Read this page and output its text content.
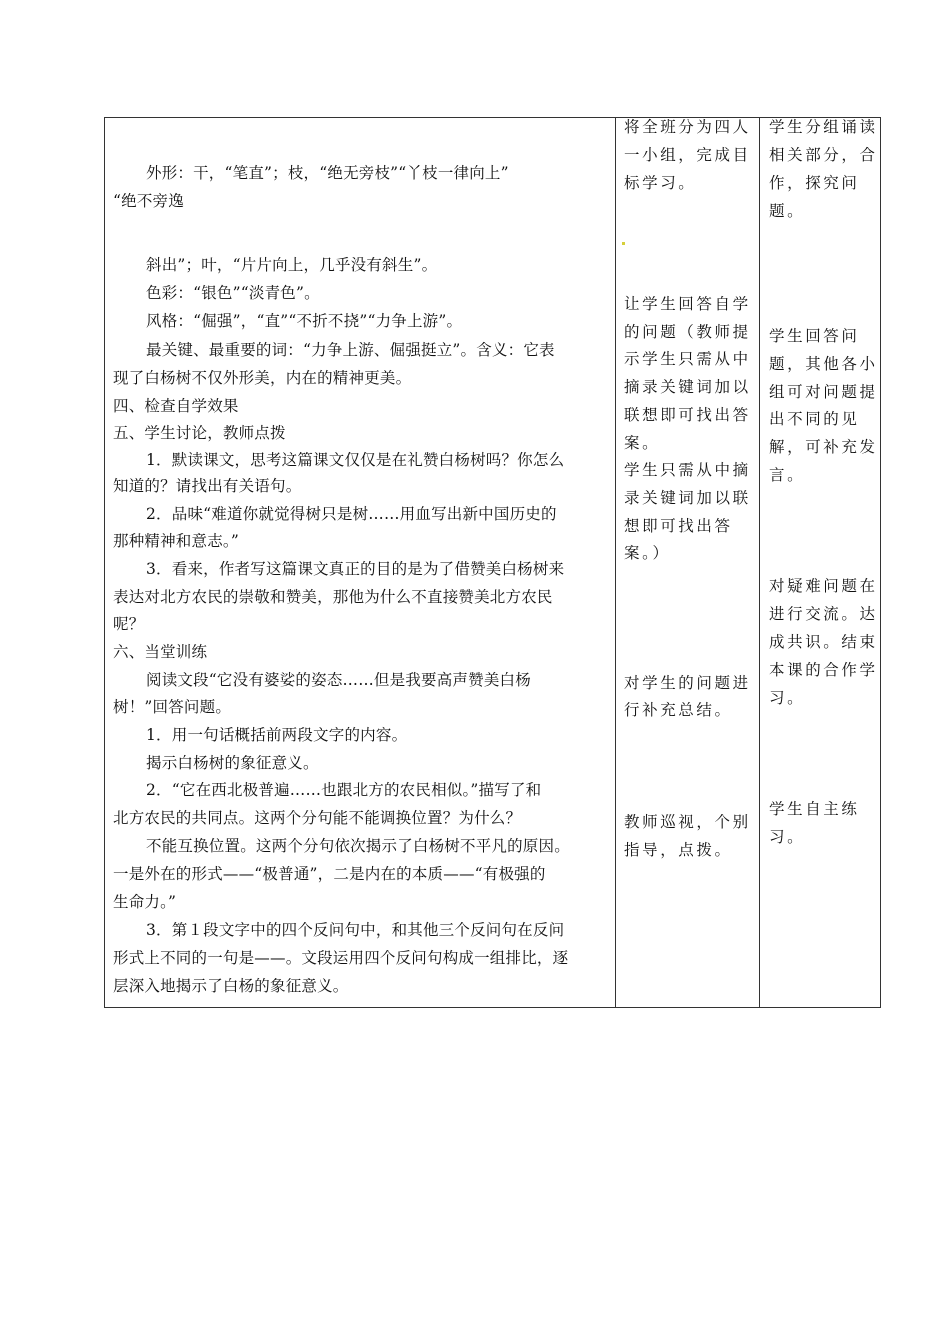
外形：干，“笔直”；枝，“绝无旁枝”“丫枝一律向上”
“绝不旁逸
斜出”；叶，“片片向上，几乎没有斜生”。
色彩：“银色”“淡青色”。
风格：“倔强”，“直”“不折不挠”“力争上游”。
最关键、最重要的词：“力争上游、倔强挺立”。含义：它表
现了白杨树不仅外形美，内在的精神更美。
四、检查自学效果
五、学生讨论，教师点拨
1．默读课文，思考这篇课文仅仅是在礼赞白杨树吗？你怎么
知道的？请找出有关语句。
2．品味“难道你就觉得树只是树……用血写出新中国历史的
那种精神和意志。”
3．看来，作者写这篇课文真正的目的是为了借赞美白杨树来
表达对北方农民的崇敬和赞美，那他为什么不直接赞美北方农民
呢？
六、当堂训练
阅读文段“它没有婆娑的姿态……但是我要高声赞美白杨
树！”回答问题。
1．用一句话概括前两段文字的内容。
揭示白杨树的象征意义。
2．“它在西北极普遍……也跟北方的农民相似。”描写了和
北方农民的共同点。这两个分句能不能调换位置？为什么？
不能互换位置。这两个分句依次揭示了白杨树不平凡的原因。
一是外在的形式——“极普通”，二是内在的本质——“有极强的
生命力。”
3．第１段文字中的四个反问句中，和其他三个反问句在反问
形式上不同的一句是——。文段运用四个反问句构成一组排比，逐
层深入地揭示了白杨的象征意义。
将全班分为四人
一小组，完成目
标学习。
让学生回答自学
的问题（教师提
示学生只需从中
摘录关键词加以
联想即可找出答
案。
学生只需从中摘
录关键词加以联
想即可找出答
案。）
对学生的问题进
行补充总结。
教师巡视，个别
指导，点拨。
学生分组诵读
相关部分，合
作，探究问
题。
学生回答问
题，其他各小
组可对问题提
出不同的见
解，可补充发
言。
对疑难问题在
进行交流。达
成共识。结束
本课的合作学
习。
学生自主练
习。
